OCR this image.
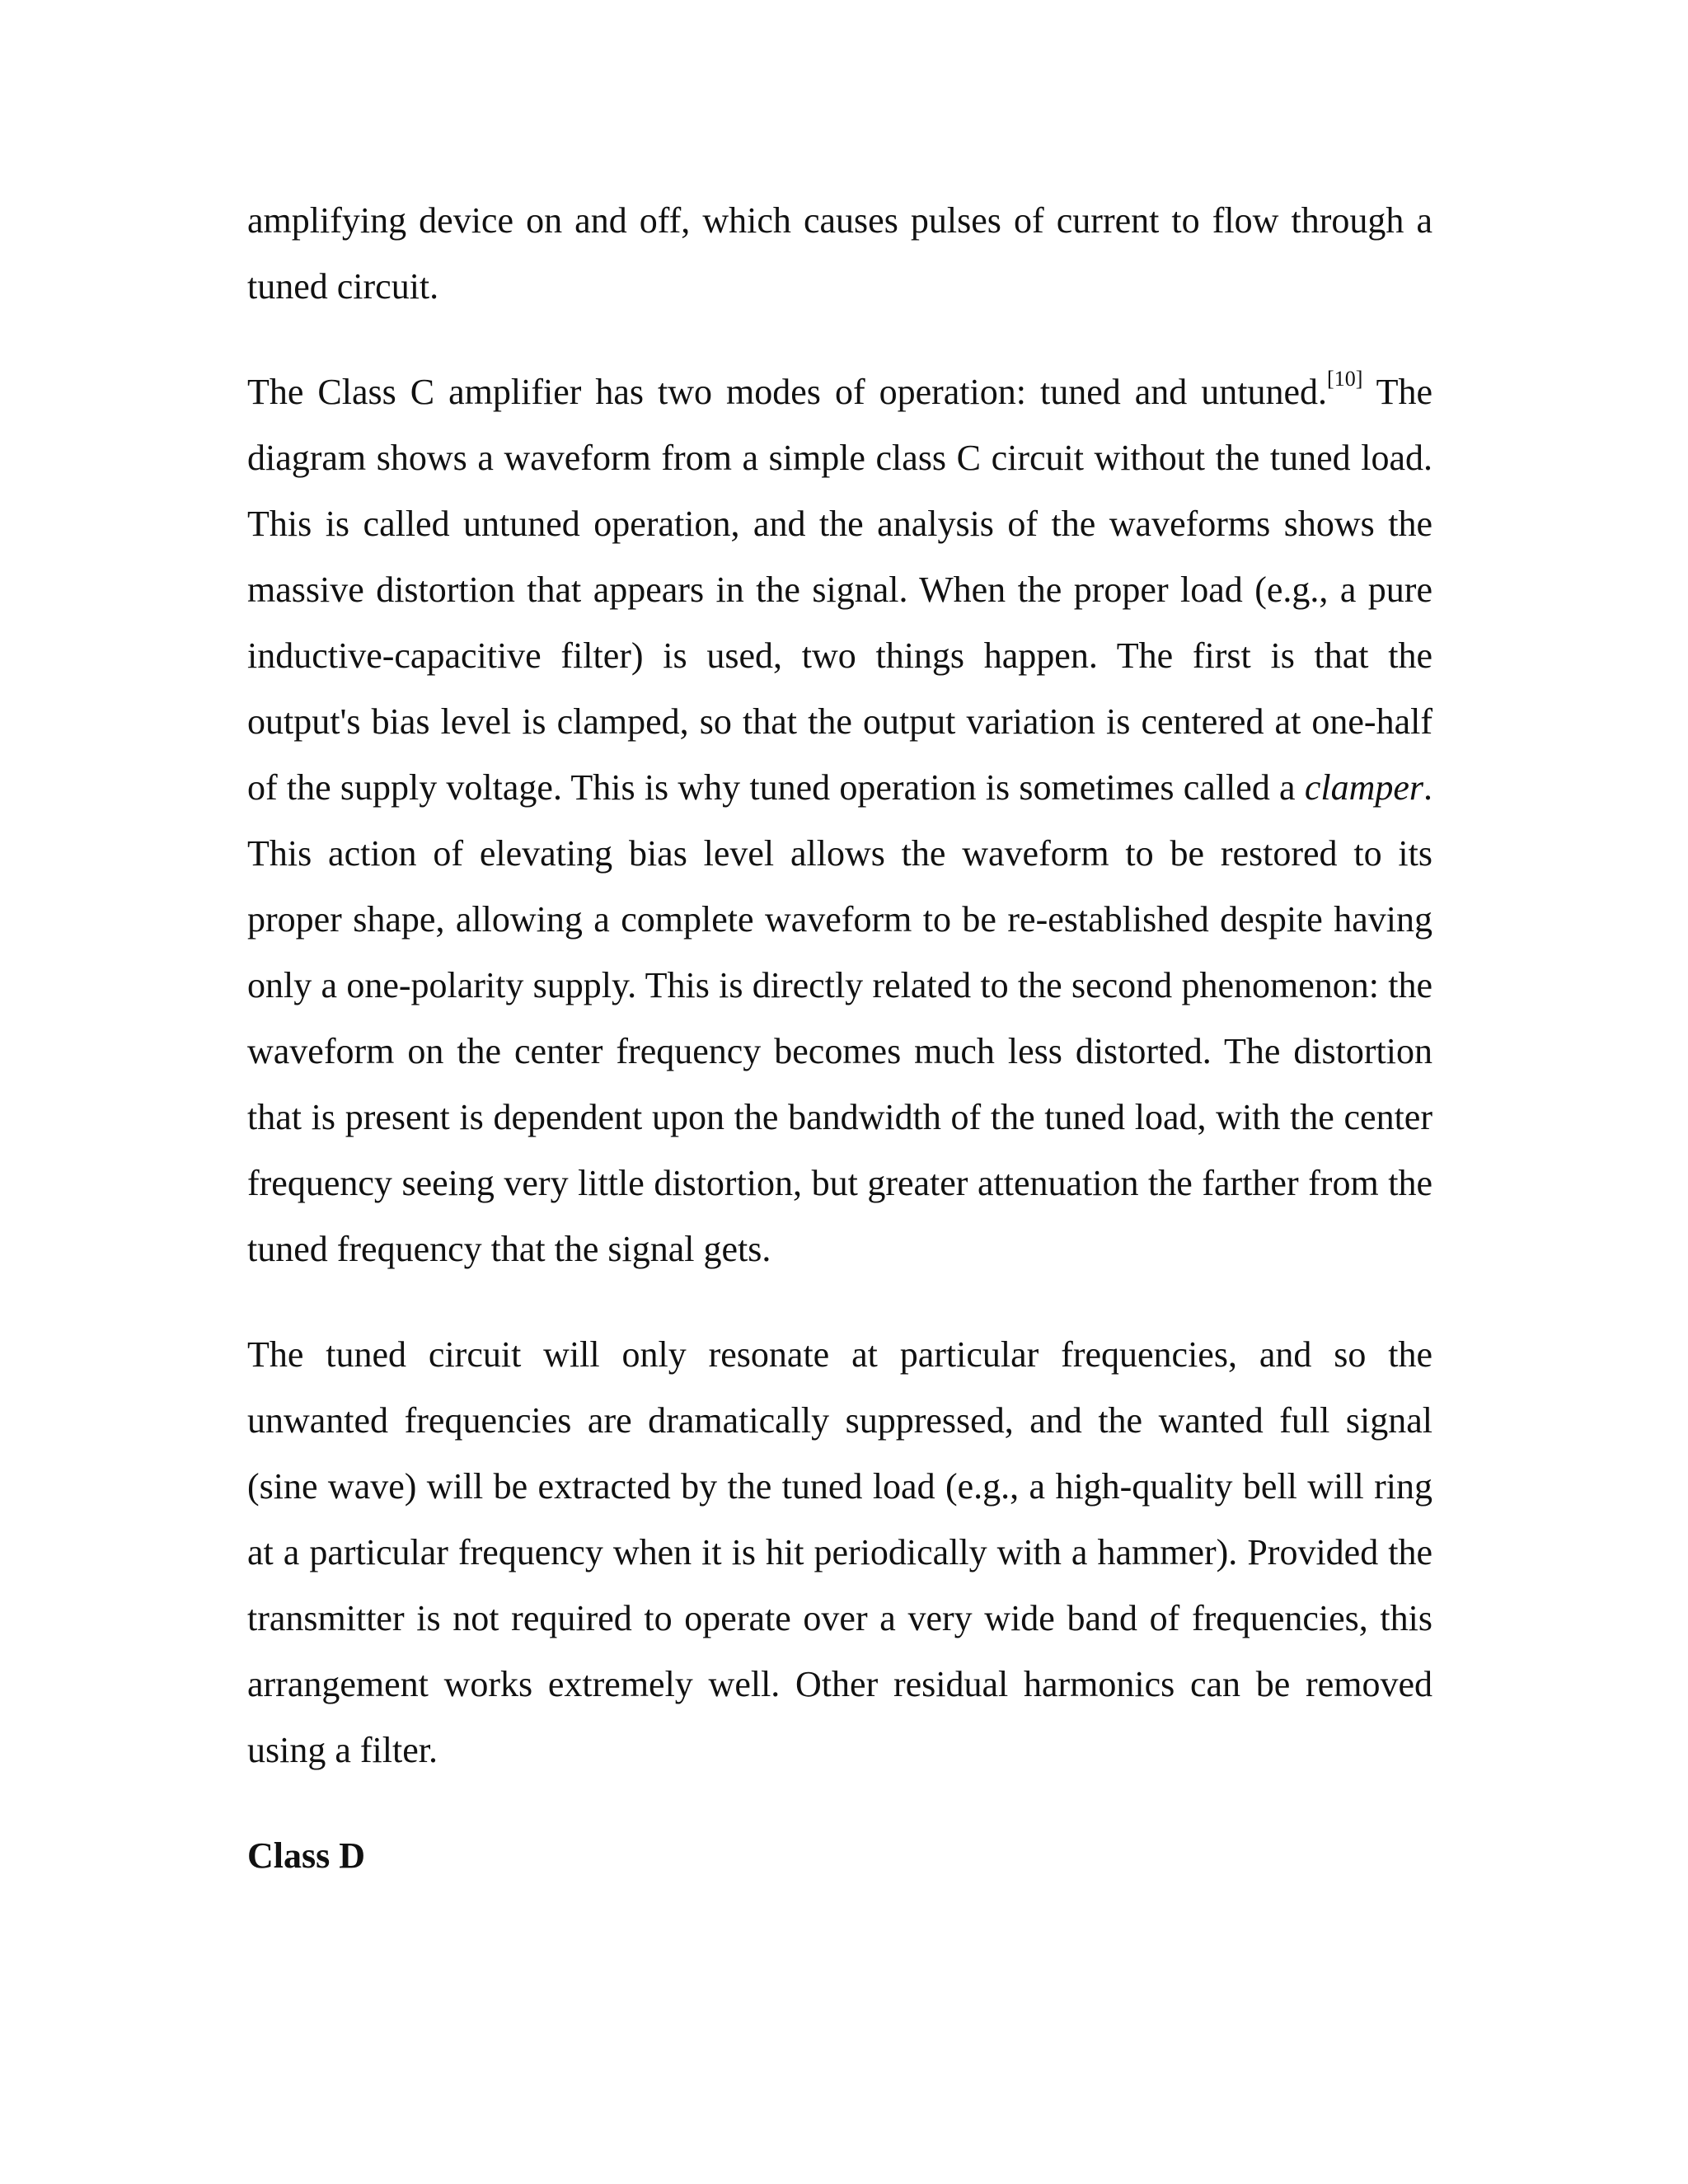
amplifying device on and off, which causes pulses of current to flow through a tuned circuit.

The Class C amplifier has two modes of operation: tuned and untuned.[10] The diagram shows a waveform from a simple class C circuit without the tuned load. This is called untuned operation, and the analysis of the waveforms shows the massive distortion that appears in the signal. When the proper load (e.g., a pure inductive-capacitive filter) is used, two things happen. The first is that the output's bias level is clamped, so that the output variation is centered at one-half of the supply voltage. This is why tuned operation is sometimes called a clamper. This action of elevating bias level allows the waveform to be restored to its proper shape, allowing a complete waveform to be re-established despite having only a one-polarity supply. This is directly related to the second phenomenon: the waveform on the center frequency becomes much less distorted. The distortion that is present is dependent upon the bandwidth of the tuned load, with the center frequency seeing very little distortion, but greater attenuation the farther from the tuned frequency that the signal gets.

The tuned circuit will only resonate at particular frequencies, and so the unwanted frequencies are dramatically suppressed, and the wanted full signal (sine wave) will be extracted by the tuned load (e.g., a high-quality bell will ring at a particular frequency when it is hit periodically with a hammer). Provided the transmitter is not required to operate over a very wide band of frequencies, this arrangement works extremely well. Other residual harmonics can be removed using a filter.

Class D
